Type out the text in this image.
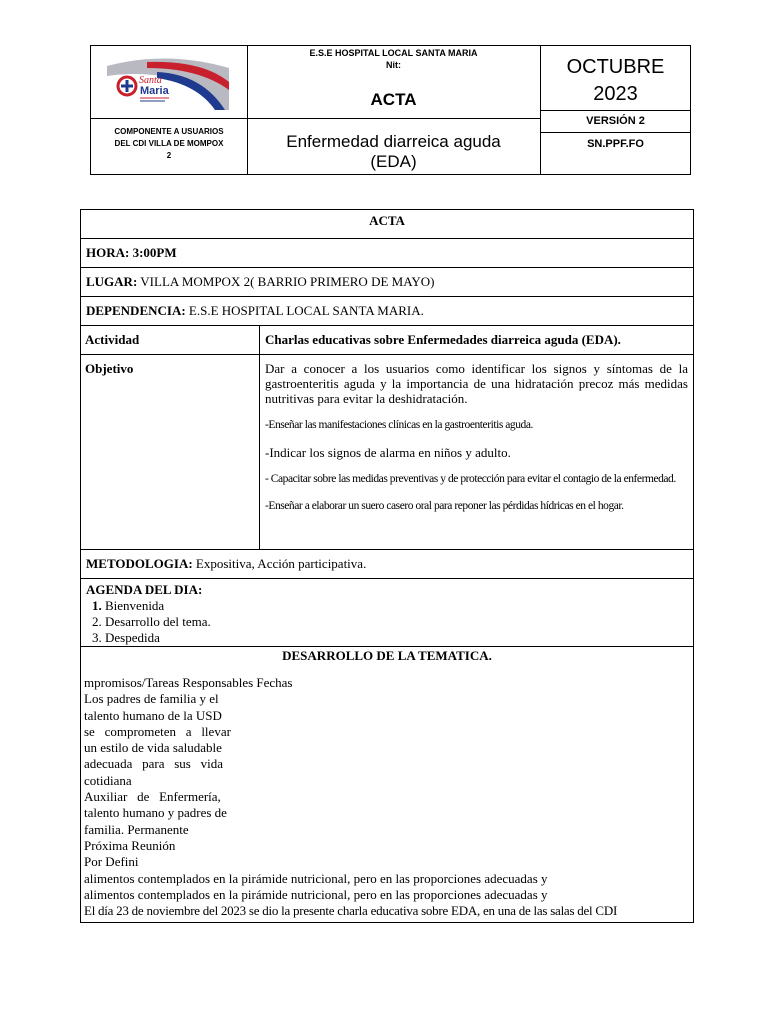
Santa
Maria
E.S.E HOSPITAL LOCAL SANTA MARIA
Nit:
ACTA
OCTUBRE
2023
COMPONENTE A USUARIOS
DEL CDI VILLA DE MOMPOX
2
Enfermedad diarreica aguda
(EDA)
VERSIÓN 2
SN.PPF.FO
ACTA
HORA: 3:00PM
LUGAR: VILLA MOMPOX 2( BARRIO PRIMERO DE MAYO)
DEPENDENCIA: E.S.E HOSPITAL LOCAL SANTA MARIA.
Actividad	Charlas educativas sobre Enfermedades diarreica aguda (EDA).
Objetivo	Dar a conocer a los usuarios como identificar los signos y síntomas de la gastroenteritis aguda y la importancia de una hidratación precoz más medidas nutritivas para evitar la deshidratación.
-Enseñar las manifestaciones clínicas en la gastroenteritis aguda.
-Indicar los signos de alarma en niños y adulto.
- Capacitar sobre las medidas preventivas y de protección para evitar el contagio de la enfermedad.
-Enseñar a elaborar un suero casero oral para reponer las pérdidas hídricas en el hogar.
METODOLOGIA: Expositiva, Acción participativa.
AGENDA DEL DIA:
1. Bienvenida
2. Desarrollo del tema.
3. Despedida
DESARROLLO DE LA TEMATICA.
mpromisos/Tareas Responsables Fechas
Los padres de familia y el
talento humano de la USD
se   comprometen   a   llevar
un estilo de vida saludable
adecuada   para   sus   vida
cotidiana
Auxiliar   de   Enfermería,
talento humano y padres de
familia. Permanente
Próxima Reunión
Por Defini
alimentos contemplados en la pirámide nutricional, pero en las proporciones adecuadas y
alimentos contemplados en la pirámide nutricional, pero en las proporciones adecuadas y
El día 23 de noviembre del 2023 se dio la presente charla educativa sobre EDA, en una de las salas del CDI
